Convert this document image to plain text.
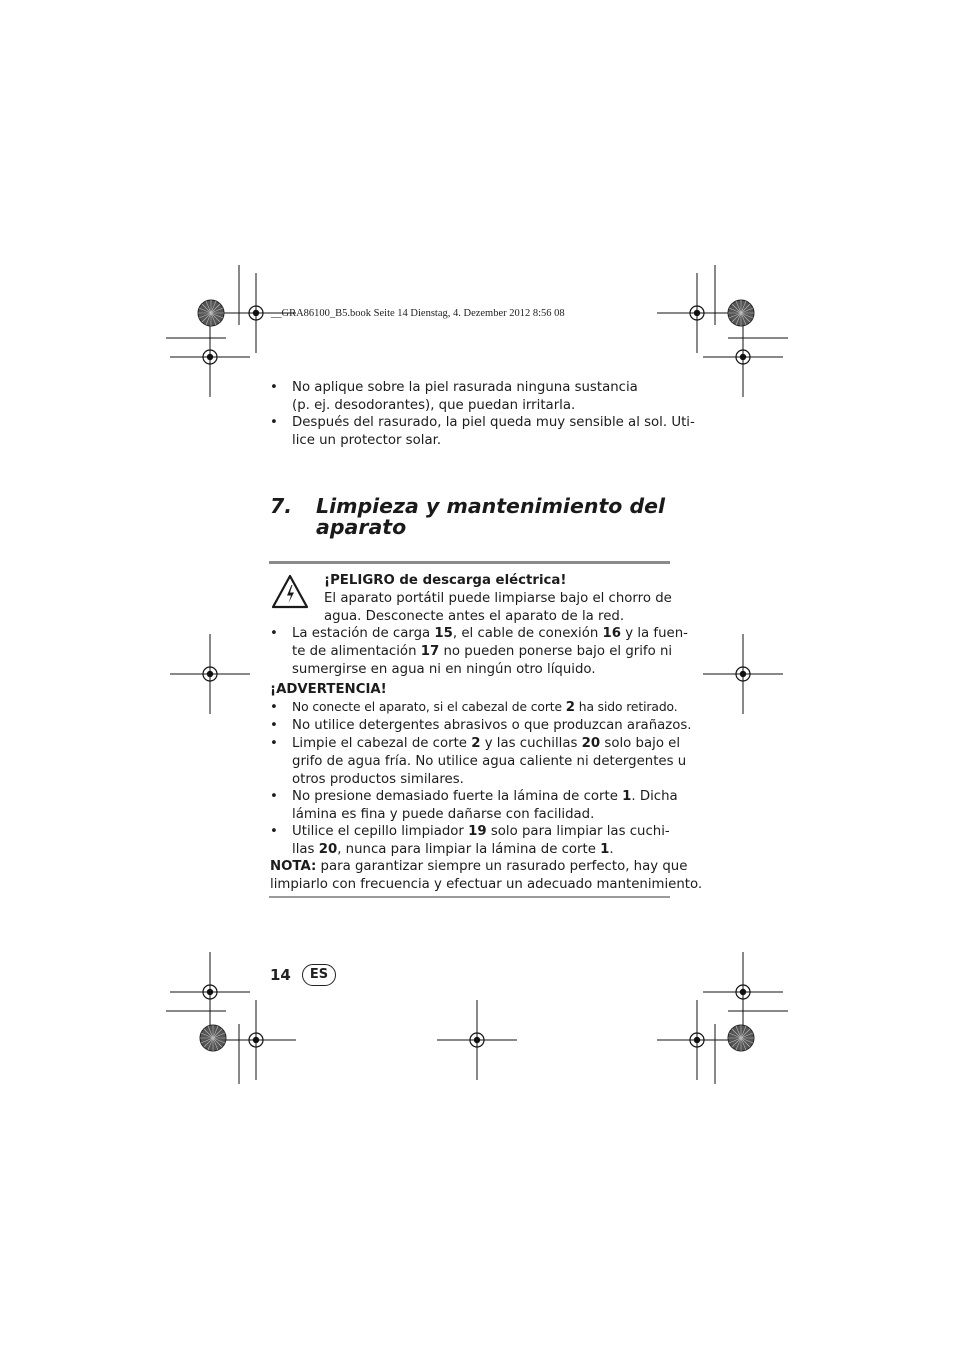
__GRA86100_B5.book Seite 14 Dienstag, 4. Dezember 2012 8:56 08
• No aplique sobre la piel rasurada ninguna sustancia
(p. ej. desodorantes), que puedan irritarla.
• Después del rasurado, la piel queda muy sensible al sol. Uti-
lice un protector solar.
7. Limpieza y mantenimiento del
aparato
¡PELIGRO de descarga eléctrica!
El aparato portátil puede limpiarse bajo el chorro de
agua. Desconecte antes el aparato de la red.
• La estación de carga 15, el cable de conexión 16 y la fuen-
te de alimentación 17 no pueden ponerse bajo el grifo ni
sumergirse en agua ni en ningún otro líquido.
¡ADVERTENCIA!
• No conecte el aparato, si el cabezal de corte 2 ha sido retirado.
• No utilice detergentes abrasivos o que produzcan arañazos.
• Limpie el cabezal de corte 2 y las cuchillas 20 solo bajo el
grifo de agua fría. No utilice agua caliente ni detergentes u
otros productos similares.
• No presione demasiado fuerte la lámina de corte 1. Dicha
lámina es fina y puede dañarse con facilidad.
• Utilice el cepillo limpiador 19 solo para limpiar las cuchi-
llas 20, nunca para limpiar la lámina de corte 1.
NOTA: para garantizar siempre un rasurado perfecto, hay que
limpiarlo con frecuencia y efectuar un adecuado mantenimiento.
14	ES
